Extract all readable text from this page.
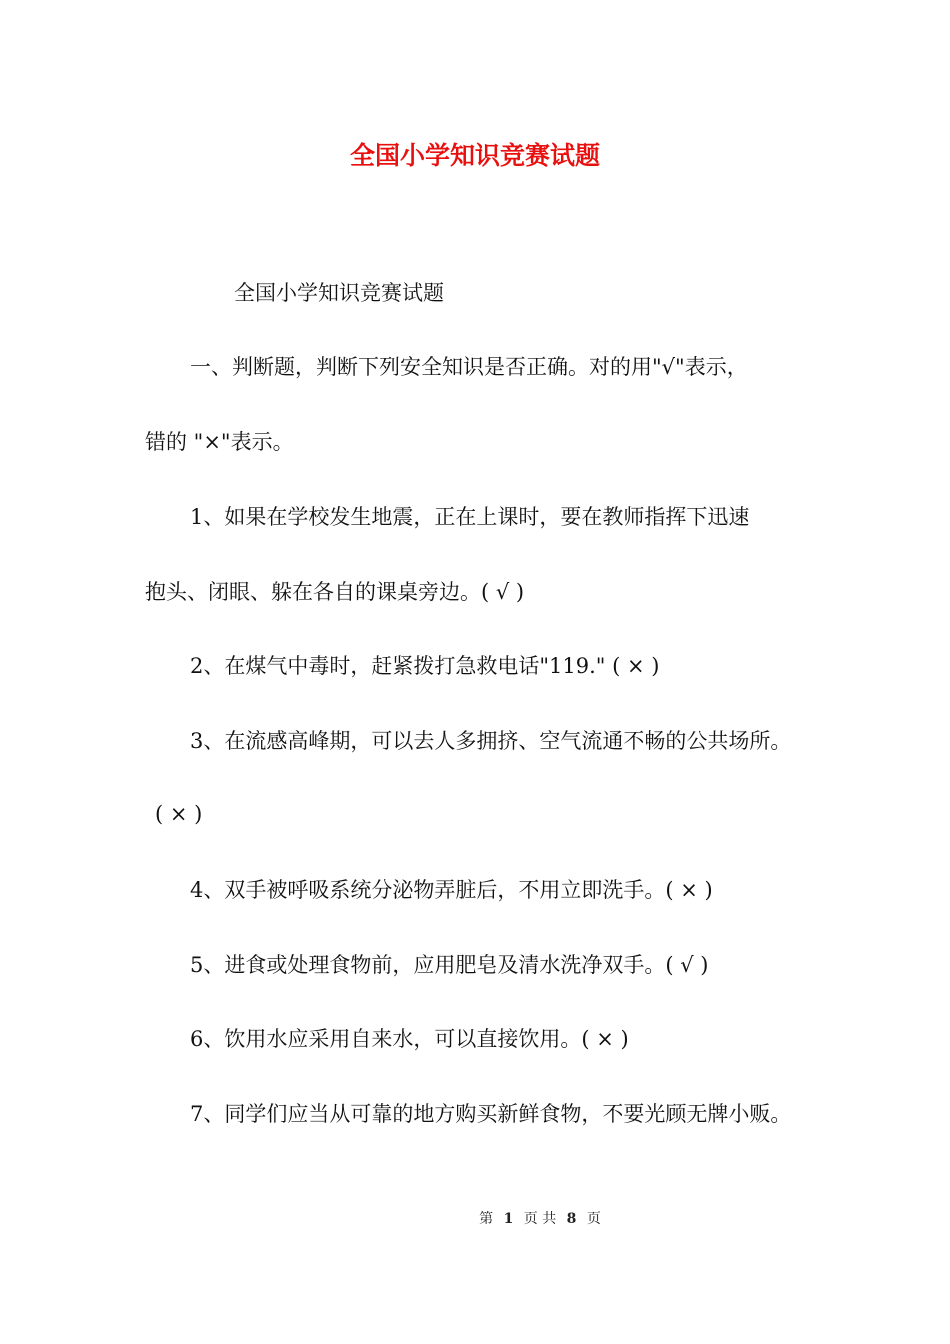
全国小学知识竞赛试题
全国小学知识竞赛试题
一、判断题，判断下列安全知识是否正确。对的用"√"表示，
错的 "×"表示。
1、如果在学校发生地震，正在上课时，要在教师指挥下迅速
抱头、闭眼、躲在各自的课桌旁边。( √ )
2、在煤气中毒时，赶紧拨打急救电话"119." ( × )
3、在流感高峰期，可以去人多拥挤、空气流通不畅的公共场所。
( × )
4、双手被呼吸系统分泌物弄脏后，不用立即洗手。( × )
5、进食或处理食物前，应用肥皂及清水洗净双手。( √ )
6、饮用水应采用自来水，可以直接饮用。( × )
7、同学们应当从可靠的地方购买新鲜食物，不要光顾无牌小贩。
第 1 页 共 8 页
